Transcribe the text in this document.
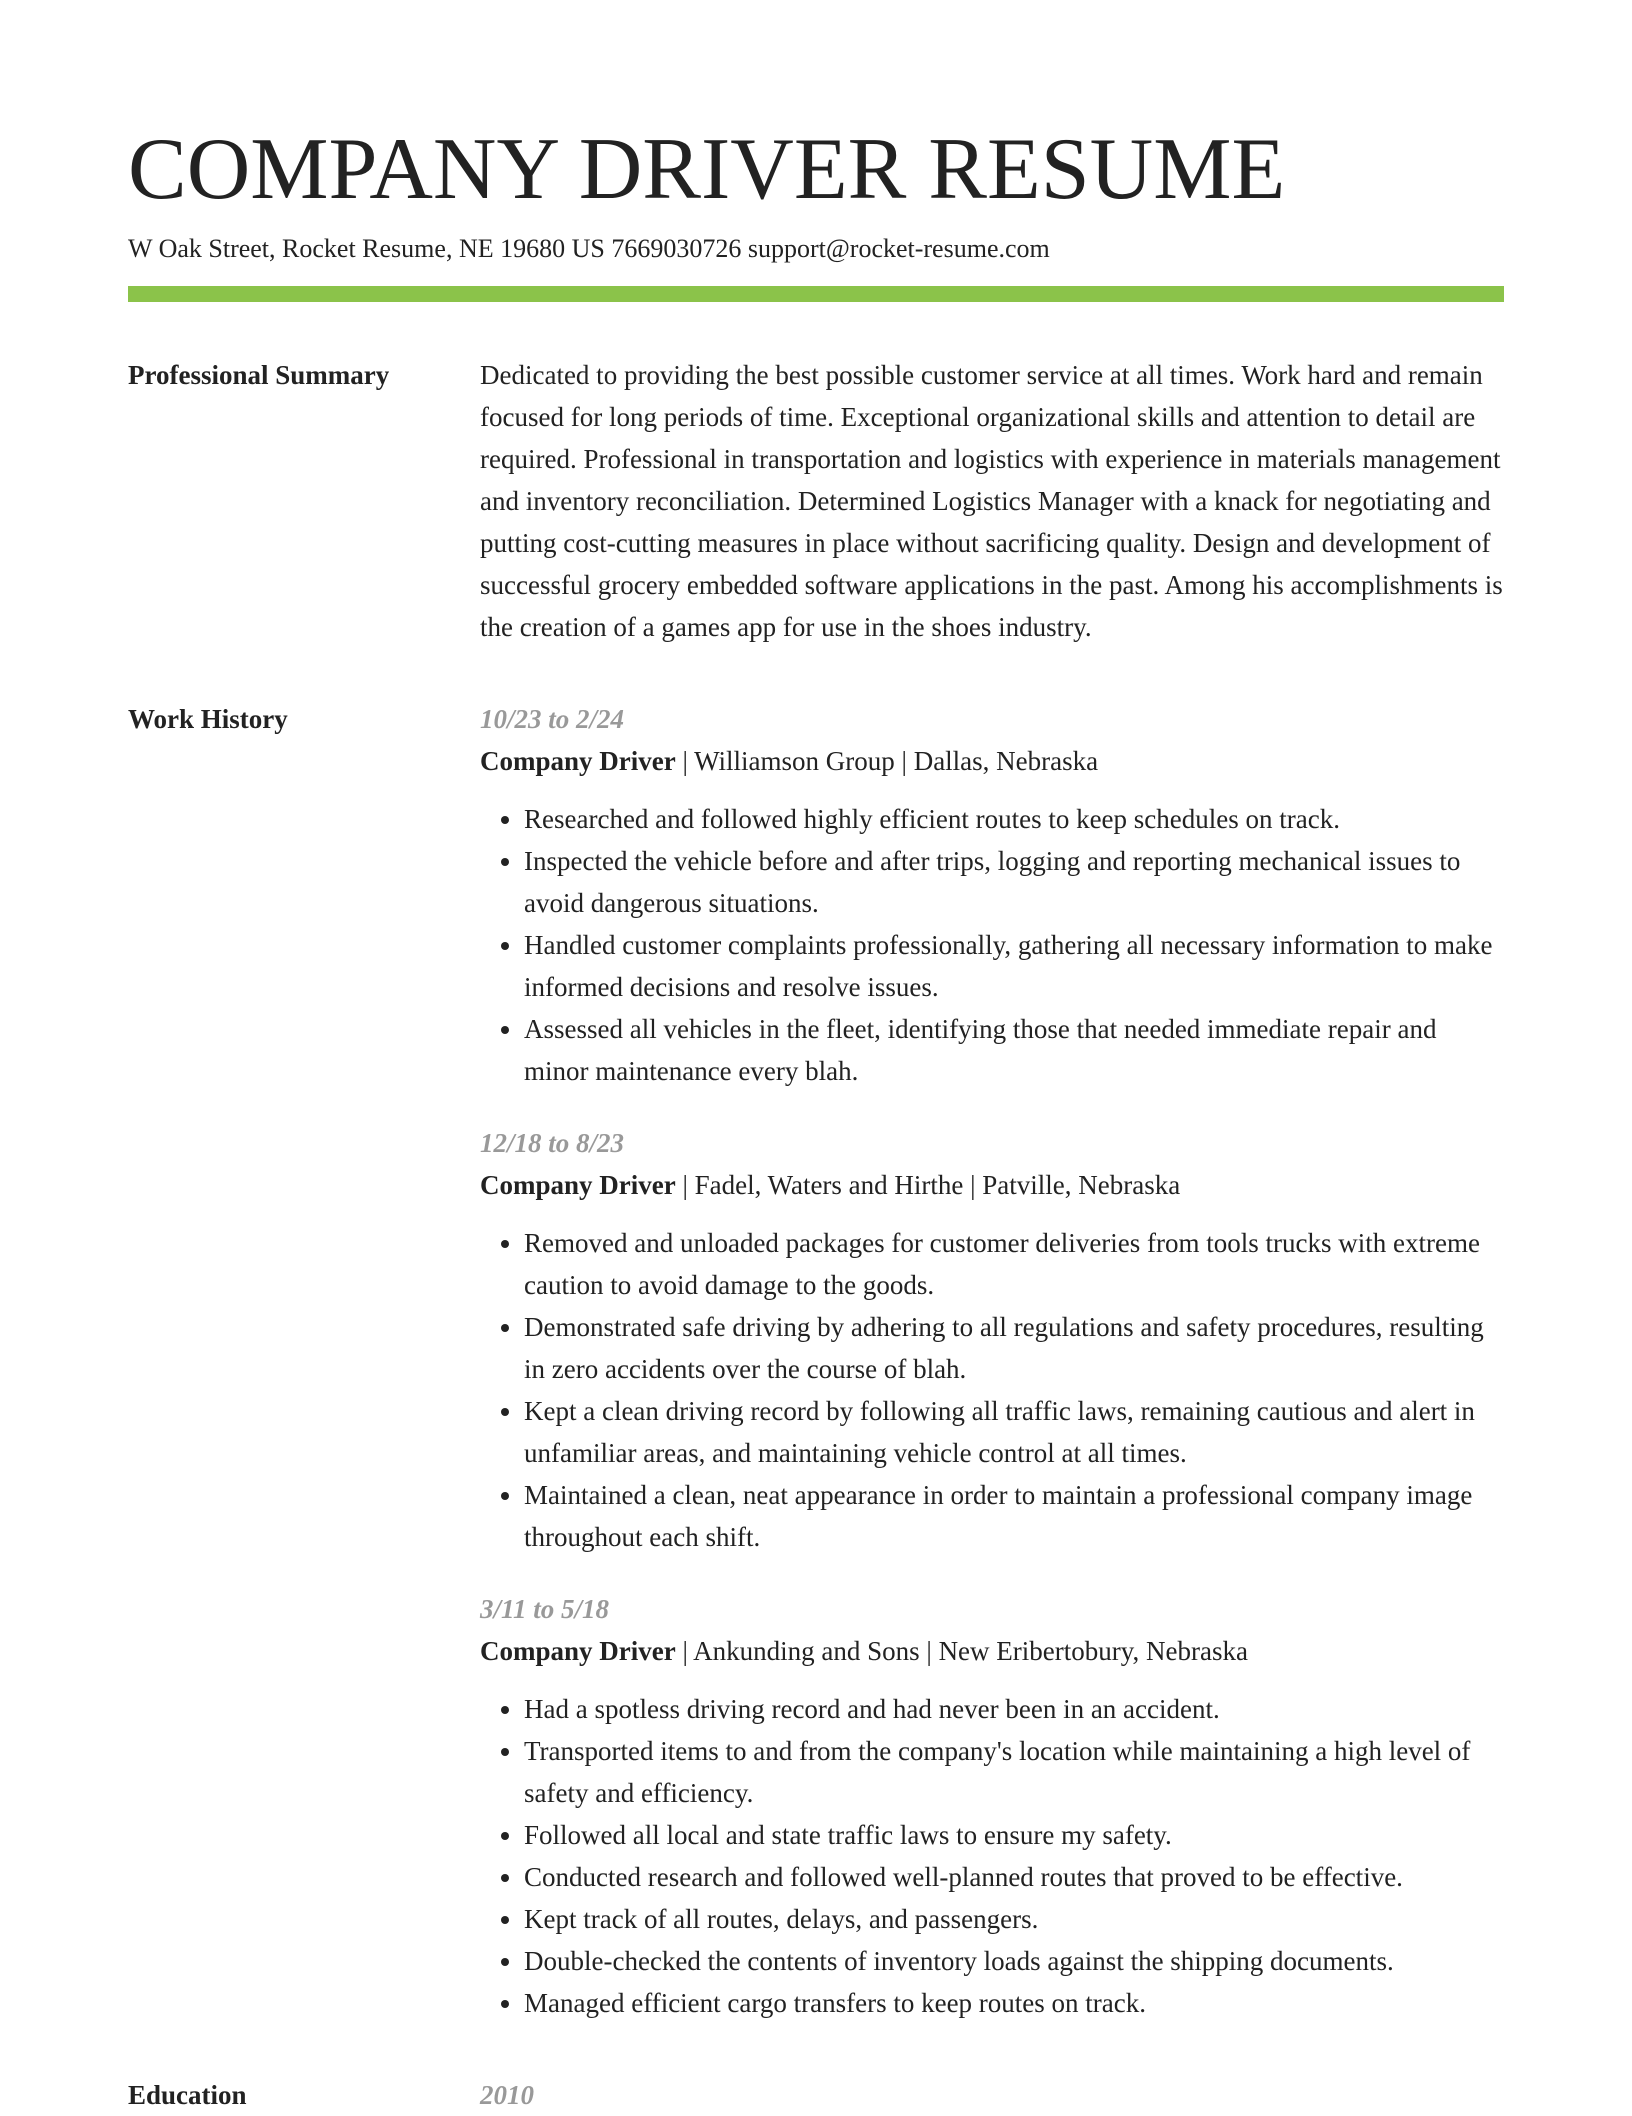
COMPANY DRIVER RESUME
W Oak Street, Rocket Resume, NE 19680 US 7669030726 support@rocket-resume.com
Professional Summary	Dedicated to providing the best possible customer service at all times. Work hard and remain focused for long periods of time. Exceptional organizational skills and attention to detail are required. Professional in transportation and logistics with experience in materials management and inventory reconciliation. Determined Logistics Manager with a knack for negotiating and putting cost-cutting measures in place without sacrificing quality. Design and development of successful grocery embedded software applications in the past. Among his accomplishments is the creation of a games app for use in the shoes industry.

Work History	10/23 to 2/24
Company Driver | Williamson Group | Dallas, Nebraska
• Researched and followed highly efficient routes to keep schedules on track.
• Inspected the vehicle before and after trips, logging and reporting mechanical issues to avoid dangerous situations.
• Handled customer complaints professionally, gathering all necessary information to make informed decisions and resolve issues.
• Assessed all vehicles in the fleet, identifying those that needed immediate repair and minor maintenance every blah.
12/18 to 8/23
Company Driver | Fadel, Waters and Hirthe | Patville, Nebraska
• Removed and unloaded packages for customer deliveries from tools trucks with extreme caution to avoid damage to the goods.
• Demonstrated safe driving by adhering to all regulations and safety procedures, resulting in zero accidents over the course of blah.
• Kept a clean driving record by following all traffic laws, remaining cautious and alert in unfamiliar areas, and maintaining vehicle control at all times.
• Maintained a clean, neat appearance in order to maintain a professional company image throughout each shift.
3/11 to 5/18
Company Driver | Ankunding and Sons | New Eribertobury, Nebraska
• Had a spotless driving record and had never been in an accident.
• Transported items to and from the company's location while maintaining a high level of safety and efficiency.
• Followed all local and state traffic laws to ensure my safety.
• Conducted research and followed well-planned routes that proved to be effective.
• Kept track of all routes, delays, and passengers.
• Double-checked the contents of inventory loads against the shipping documents.
• Managed efficient cargo transfers to keep routes on track.
Education	2010
